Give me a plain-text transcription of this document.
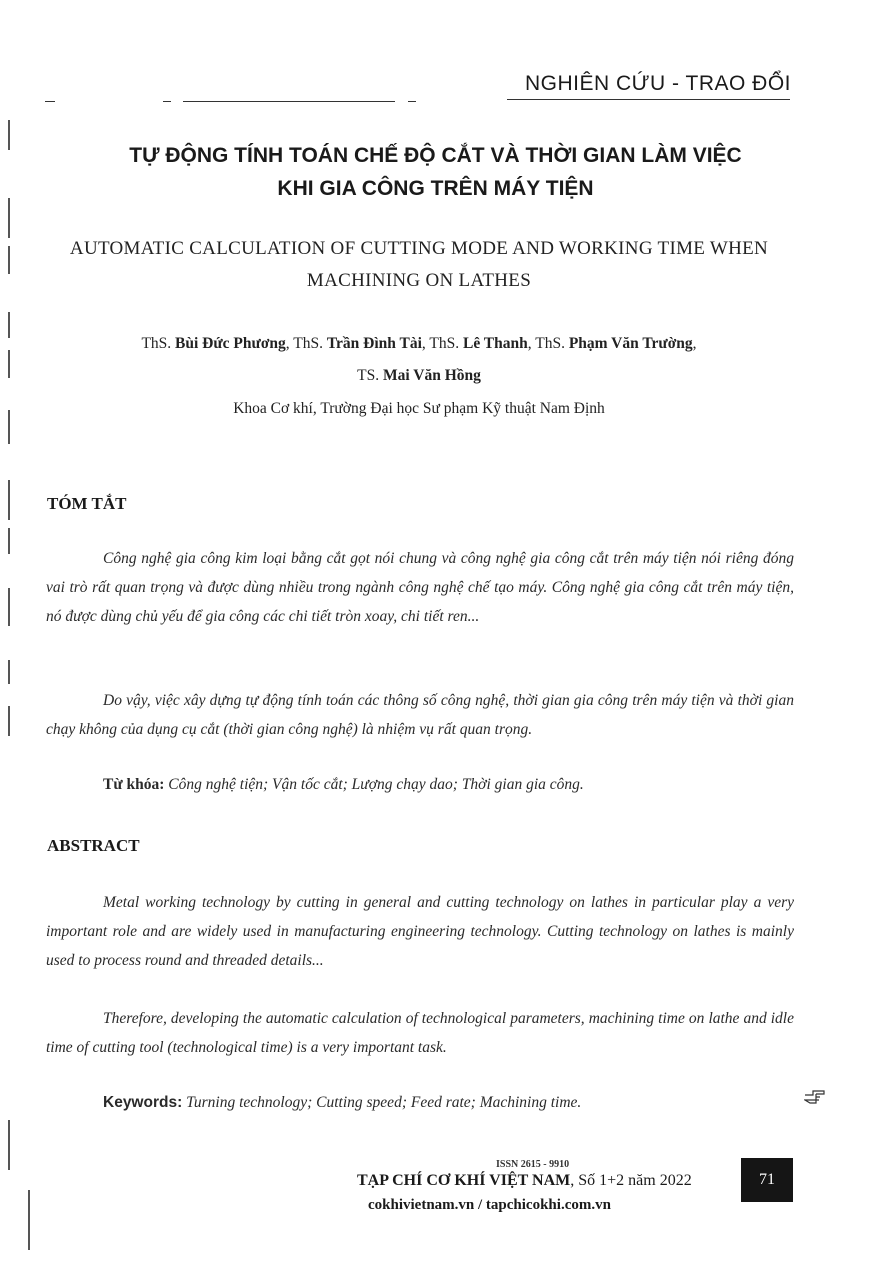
NGHIÊN CỨU - TRAO ĐỔI
TỰ ĐỘNG TÍNH TOÁN CHẾ ĐỘ CẮT VÀ THỜI GIAN LÀM VIỆC
KHI GIA CÔNG TRÊN MÁY TIỆN
AUTOMATIC CALCULATION OF CUTTING MODE AND WORKING TIME WHEN
MACHINING ON LATHES
ThS. Bùi Đức Phương, ThS. Trần Đình Tài, ThS. Lê Thanh, ThS. Phạm Văn Trường,
TS. Mai Văn Hồng
Khoa Cơ khí, Trường Đại học Sư phạm Kỹ thuật Nam Định
TÓM TẮT
Công nghệ gia công kim loại bằng cắt gọt nói chung và công nghệ gia công cắt trên máy tiện nói riêng đóng vai trò rất quan trọng và được dùng nhiều trong ngành công nghệ chế tạo máy. Công nghệ gia công cắt trên máy tiện, nó được dùng chủ yếu để gia công các chi tiết tròn xoay, chi tiết ren...
Do vậy, việc xây dựng tự động tính toán các thông số công nghệ, thời gian gia công trên máy tiện và thời gian chạy không của dụng cụ cắt (thời gian công nghệ) là nhiệm vụ rất quan trọng.
Từ khóa: Công nghệ tiện; Vận tốc cắt; Lượng chạy dao; Thời gian gia công.
ABSTRACT
Metal working technology by cutting in general and cutting technology on lathes in particular play a very important role and are widely used in manufacturing engineering technology. Cutting technology on lathes is mainly used to process round and threaded details...
Therefore, developing the automatic calculation of technological parameters, machining time on lathe and idle time of cutting tool (technological time) is a very important task.
Keywords: Turning technology; Cutting speed; Feed rate; Machining time.
ISSN 2615 - 9910
TẠP CHÍ CƠ KHÍ VIỆT NAM, Số 1+2 năm 2022
cokhivietnam.vn / tapchicokhi.com.vn
71
